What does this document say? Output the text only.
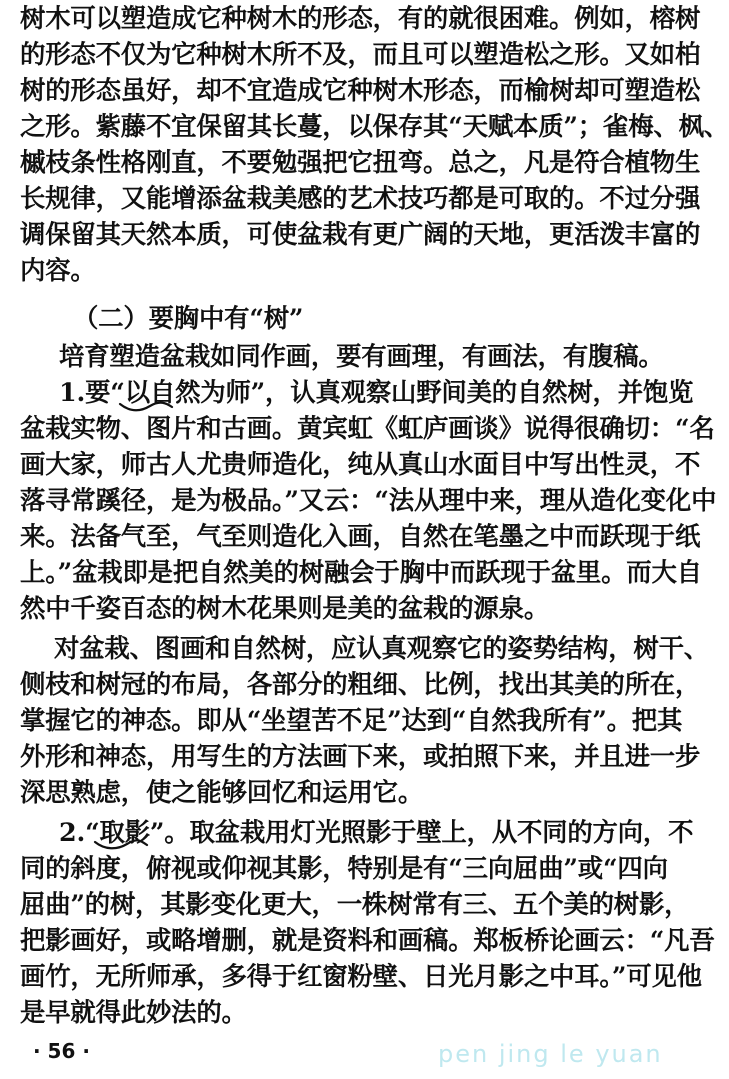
树木可以塑造成它种树木的形态，有的就很困难。例如，榕树
的形态不仅为它种树木所不及，而且可以塑造松之形。又如柏
树的形态虽好，却不宜造成它种树木形态，而榆树却可塑造松
之形。紫藤不宜保留其长蔓，以保存其“天赋本质”；雀梅、枫、
槭枝条性格刚直，不要勉强把它扭弯。总之，凡是符合植物生
长规律，又能增添盆栽美感的艺术技巧都是可取的。不过分强
调保留其天然本质，可使盆栽有更广阔的天地，更活泼丰富的
内容。
（二）要胸中有“树”
培育塑造盆栽如同作画，要有画理，有画法，有腹稿。
1.要“以自然为师”，认真观察山野间美的自然树，并饱览
盆栽实物、图片和古画。黄宾虹《虹庐画谈》说得很确切：“名
画大家，师古人尤贵师造化，纯从真山水面目中写出性灵，不
落寻常蹊径，是为极品。”又云：“法从理中来，理从造化变化中
来。法备气至，气至则造化入画，自然在笔墨之中而跃现于纸
上。”盆栽即是把自然美的树融会于胸中而跃现于盆里。而大自
然中千姿百态的树木花果则是美的盆栽的源泉。
对盆栽、图画和自然树，应认真观察它的姿势结构，树干、
侧枝和树冠的布局，各部分的粗细、比例，找出其美的所在，
掌握它的神态。即从“坐望苦不足”达到“自然我所有”。把其
外形和神态，用写生的方法画下来，或拍照下来，并且进一步
深思熟虑，使之能够回忆和运用它。
2.“取影”。取盆栽用灯光照影于壁上，从不同的方向，不
同的斜度，俯视或仰视其影，特别是有“三向屈曲”或“四向
屈曲”的树，其影变化更大，一株树常有三、五个美的树影，
把影画好，或略增删，就是资料和画稿。郑板桥论画云：“凡吾
画竹，无所师承，多得于红窗粉壁、日光月影之中耳。”可见他
是早就得此妙法的。
· 56 ·	pen jing le yuan
